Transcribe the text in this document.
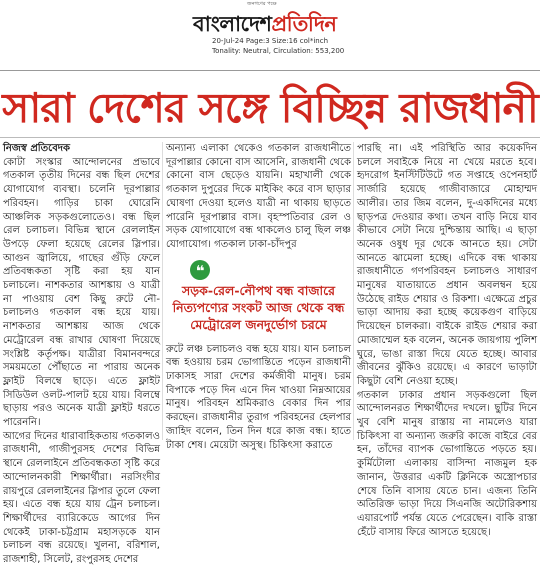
জনগণের পক্ষে
বাংলাদেশপ্রতিদিন
20-Jul-24 Page:3 Size:16 col*inch
Tonality: Neutral, Circulation: 553,200
সারা দেশের সঙ্গে বিচ্ছিন্ন রাজধানী

নিজস্ব প্রতিবেদক

কোটা সংস্কার আন্দোলনের প্রভাবে গতকাল তৃতীয় দিনের বন্ধ ছিল দেশের যোগাযোগ ব্যবস্থা। চলেনি দূরপাল্লার পরিবহন। গাড়ির চাকা ঘোরেনি আঞ্চলিক সড়কগুলোতেও। বন্ধ ছিল রেল চলাচল। বিভিন্ন স্থানে রেললাইন উপড়ে ফেলা হয়েছে রেলের স্লিপার। আগুন জ্বালিয়ে, গাছের গুঁড়ি ফেলে প্রতিবন্ধকতা সৃষ্টি করা হয় যান চলাচলে। নাশকতার আশঙ্কায় ও যাত্রী না পাওয়ায় বেশ কিছু রুটে নৌ-চলাচলও গতকাল বন্ধ হয়ে যায়। নাশকতার আশঙ্কায় আজ থেকে মেট্রোরেল বন্ধ রাখার ঘোষণা দিয়েছে সংশ্লিষ্ট কর্তৃপক্ষ। যাত্রীরা বিমানবন্দরে সময়মতো পৌঁছাতে না পারায় অনেক ফ্লাইট বিলম্বে ছাড়ে। এতে ফ্লাইট সিডিউল ওলট-পালট হয়ে যায়। বিলম্বে ছাড়ায় পরও অনেক যাত্রী ফ্লাইট ধরতে পারেননি।

আগের দিনের ধারাবাহিকতায় গতকালও রাজধানী, গাজীপুরসহ দেশের বিভিন্ন স্থানে রেললাইনে প্রতিবন্ধকতা সৃষ্টি করে আন্দোলনকারী শিক্ষার্থীরা। নরসিংদীর রায়পুরে রেললাইনের স্লিপার তুলে ফেলা হয়। এতে বন্ধ হয়ে যায় ট্রেন চলাচল। শিক্ষার্থীদের ব্যারিকেডে আগের দিন থেকেই ঢাকা-চট্টগ্রাম মহাসড়কে যান চলাচল বন্ধ রয়েছে। খুলনা, বরিশাল, রাজশাহী, সিলেট, রংপুরসহ দেশের

অন্যান্য এলাকা থেকেও গতকাল রাজধানীতে দূরপাল্লার কোনো বাস আসেনি, রাজধানী থেকে কোনো বাস ছেড়েও যায়নি। মহাখালী থেকে গতকাল দুপুরের দিকে মাইকিং করে বাস ছাড়ার ঘোষণা দেওয়া হলেও যাত্রী না থাকায় ছাড়তে পারেনি দূরপাল্লার বাস। বৃহস্পতিবার রেল ও সড়ক যোগাযোগে বন্ধ থাকলেও চালু ছিল লঞ্চ যোগাযোগ। গতকাল ঢাকা-চাঁদপুর

❝

সড়ক-রেল-নৌপথ বন্ধ বাজারে নিত্যপণ্যের সংকট আজ থেকে বন্ধ মেট্রোরেল জনদুর্ভোগ চরমে

রুটে লঞ্চ চলাচলও বন্ধ হয়ে যায়। যান চলাচল বন্ধ হওয়ায় চরম ভোগান্তিতে পড়েন রাজধানী ঢাকাসহ সারা দেশের কর্মজীবী মানুষ। চরম বিপাকে পড়ে দিন এনে দিন খাওয়া নিম্নআয়ের মানুষ। পরিবহন শ্রমিকরাও বেকার দিন পার করছেন। রাজধানীর তুরাগ পরিবহনের হেলপার জাহিদ বলেন, তিন দিন ধরে কাজ বন্ধ। হাতে টাকা শেষ। মেয়েটা অসুস্থ। চিকিৎসা করাতে

পারছি না। এই পরিস্থিতি আর কয়েকদিন চললে সবাইকে নিয়ে না খেয়ে মরতে হবে। হৃদরোগ ইনস্টিটিউটে গত সপ্তাহে ওপেনহার্ট সার্জারি হয়েছে গাজীবাজারে মোহাম্মদ আলীর। তার জিম বলেন, দু-একদিনের মধ্যে ছাড়পত্র দেওয়ার কথা। তখন বাড়ি নিয়ে যাব কীভাবে সেটা নিয়ে দুশ্চিন্তায় আছি। এ ছাড়া অনেক ওষুধ দূর থেকে আনতে হয়। সেটা আনতে ঝামেলা হচ্ছে। এদিকে বন্ধ থাকায় রাজধানীতে গণপরিবহন চলাচলও সাধারণ মানুষের যাতায়াতে প্রধান অবলম্বন হয়ে উঠেছে রাইড শেয়ার ও রিকশা। এক্ষেত্রে প্রচুর ভাড়া আদায় করা হচ্ছে কয়েকগুণ বাড়িয়ে দিয়েছেন চালকরা। বাইকে রাইড শেয়ার করা মোজাম্মেল হক বলেন, অনেক জায়গায় পুলিশ ঘুরে, ভাঙা রাস্তা দিয়ে যেতে হচ্ছে। আবার জীবনের ঝুঁকিও রয়েছে। এ কারণে ভাড়াটা কিছুটা বেশি নেওয়া হচ্ছে।

গতকাল ঢাকার প্রধান সড়কগুলো ছিল আন্দোলনরত শিক্ষার্থীদের দখলে। ছুটির দিনে খুব বেশি মানুষ রাস্তায় না নামলেও যারা চিকিৎসা বা অন্যান্য জরুরি কাজে বাইরে বের হন, তাঁদের ব্যাপক ভোগান্তিতে পড়তে হয়। কুর্মিটোলা এলাকায় বাসিন্দা নাজমুল হক জানান, উত্তরার একটি ক্লিনিকে অস্ত্রোপচার শেষে তিনি বাসায় যেতে চান। এজন্য তিনি অতিরিক্ত ভাড়া দিয়ে সিএনজি অটোরিকশায় এয়ারপোর্ট পর্যন্ত যেতে পেরেছেন। বাকি রাস্তা হেঁটে বাসায় ফিরে আসতে হয়েছে।
